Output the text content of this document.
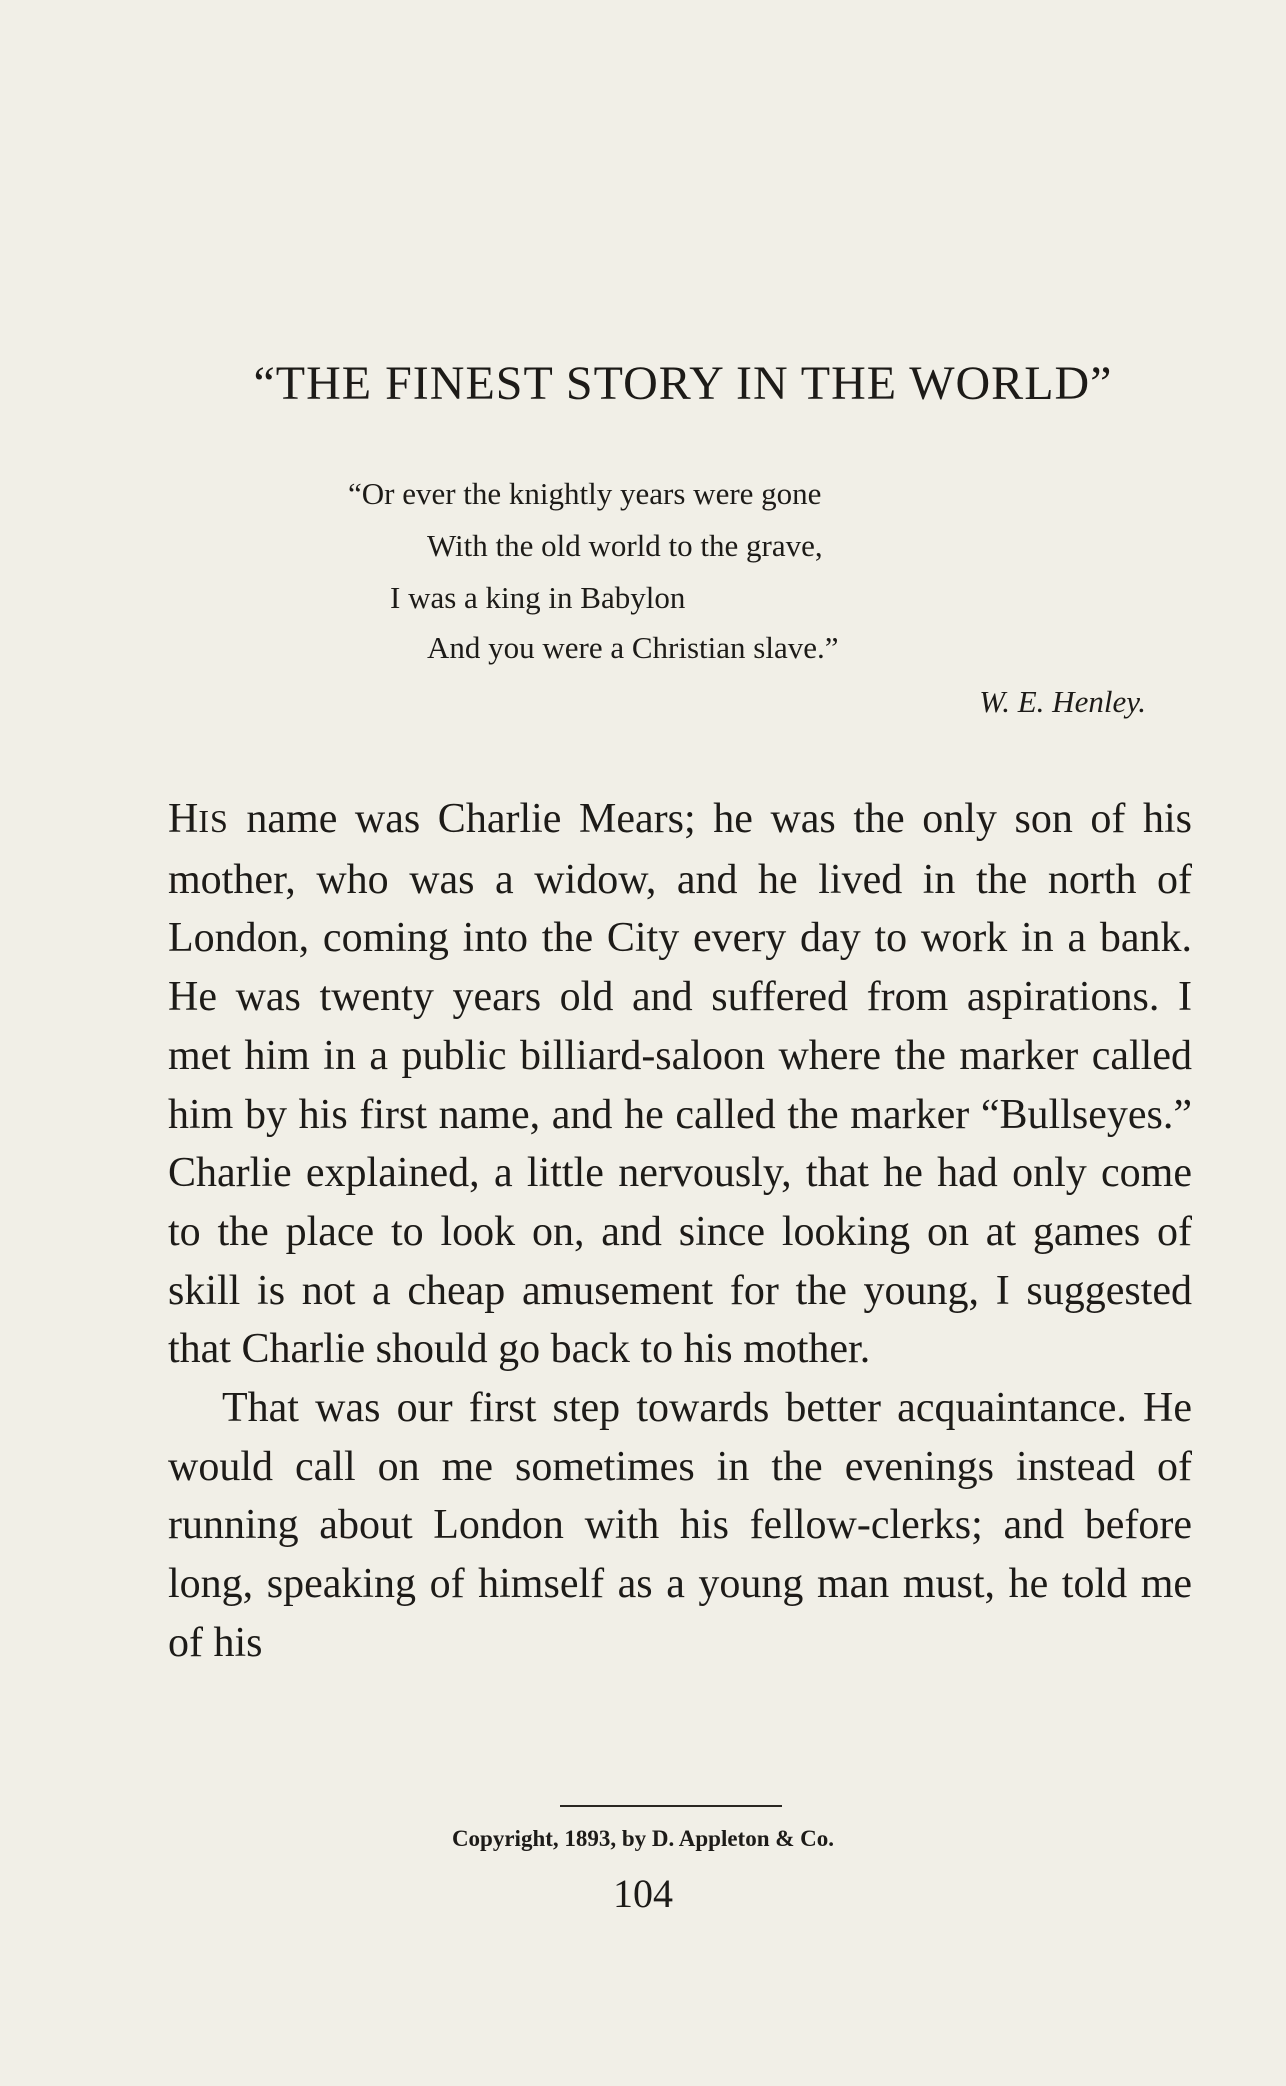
“THE FINEST STORY IN THE WORLD”
“Or ever the knightly years were gone
With the old world to the grave,
I was a king in Babylon
And you were a Christian slave.”
W. E. Henley.

HIS name was Charlie Mears; he was the only son of his mother, who was a widow, and he lived in the north of London, coming into the City every day to work in a bank. He was twenty years old and suffered from aspirations. I met him in a public billiard-saloon where the marker called him by his first name, and he called the marker “Bullseyes.” Charlie explained, a little nervously, that he had only come to the place to look on, and since looking on at games of skill is not a cheap amusement for the young, I suggested that Charlie should go back to his mother.

That was our first step towards better acquaintance. He would call on me sometimes in the evenings instead of running about London with his fellow-clerks; and before long, speaking of himself as a young man must, he told me of his

Copyright, 1893, by D. Appleton & Co.
104
